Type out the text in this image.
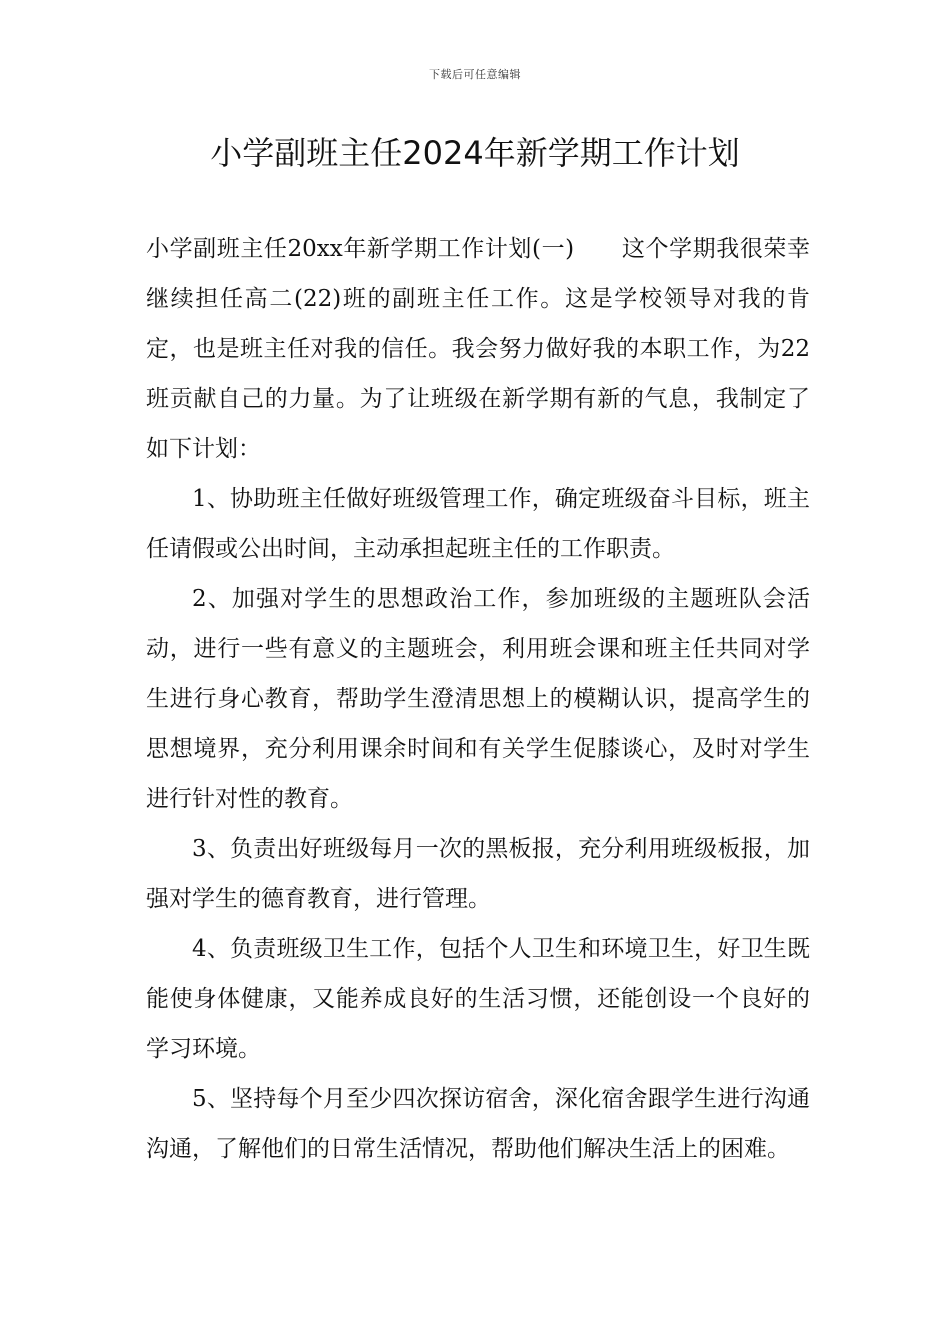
下载后可任意编辑
小学副班主任2024年新学期工作计划

小学副班主任20xx年新学期工作计划(一)　　这个学期我很荣幸继续担任高二(22)班的副班主任工作。这是学校领导对我的肯定，也是班主任对我的信任。我会努力做好我的本职工作，为22班贡献自己的力量。为了让班级在新学期有新的气息，我制定了如下计划：

1、协助班主任做好班级管理工作，确定班级奋斗目标，班主任请假或公出时间，主动承担起班主任的工作职责。

2、加强对学生的思想政治工作，参加班级的主题班队会活动，进行一些有意义的主题班会，利用班会课和班主任共同对学生进行身心教育，帮助学生澄清思想上的模糊认识，提高学生的思想境界，充分利用课余时间和有关学生促膝谈心，及时对学生进行针对性的教育。

3、负责出好班级每月一次的黑板报，充分利用班级板报，加强对学生的德育教育，进行管理。

4、负责班级卫生工作，包括个人卫生和环境卫生，好卫生既能使身体健康，又能养成良好的生活习惯，还能创设一个良好的学习环境。

5、坚持每个月至少四次探访宿舍，深化宿舍跟学生进行沟通沟通，了解他们的日常生活情况，帮助他们解决生活上的困难。
